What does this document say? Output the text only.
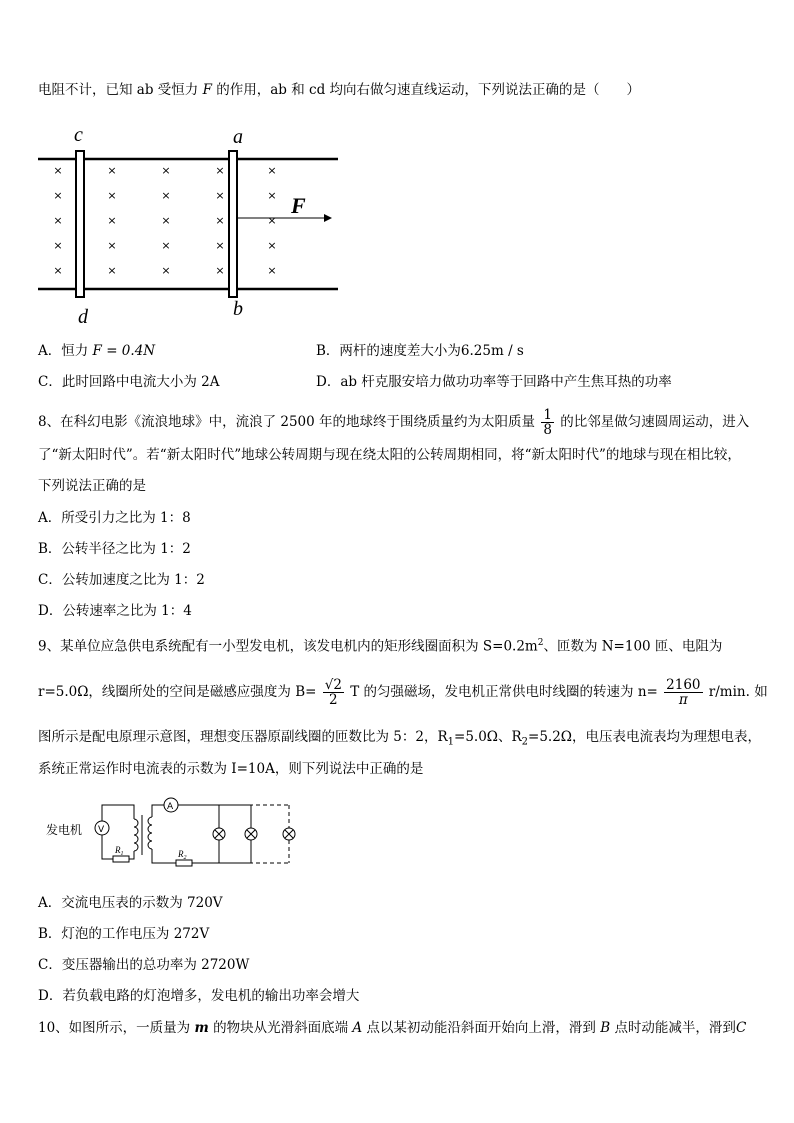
电阻不计，已知 ab 受恒力 F 的作用，ab 和 cd 均向右做匀速直线运动，下列说法正确的是（　　）
×
×
×
×
×
×
×
×
×
×
×
×
×
×
×
×
×
×
×
×
×
×
×
×
×
c	a
d	b
F
A．恒力 F = 0.4N	B．两杆的速度差大小为6.25m / s
C．此时回路中电流大小为 2A	D．ab 杆克服安培力做功功率等于回路中产生焦耳热的功率
8、在科幻电影《流浪地球》中，流浪了 2500 年的地球终于围绕质量约为太阳质量 $\frac{1}{8}$ 的比邻星做匀速圆周运动，进入
了“新太阳时代”。若“新太阳时代”地球公转周期与现在绕太阳的公转周期相同，将“新太阳时代”的地球与现在相比较，
下列说法正确的是
A．所受引力之比为 1：8
B．公转半径之比为 1：2
C．公转加速度之比为 1：2
D．公转速率之比为 1：4
9、某单位应急供电系统配有一小型发电机，该发电机内的矩形线圈面积为 $S=0.2m^2$、匝数为 N=100 匝、电阻为
r=5.0Ω，线圈所处的空间是磁感应强度为 $B= \frac{√2}{2}$ T 的匀强磁场，发电机正常供电时线圈的转速为 $n= \frac{2160}{\pi} r/\min$. 如
图所示是配电原理示意图，理想变压器原副线圈的匝数比为 5：2，$R_1=5.0\Omega$、$R_2=5.2\Omega$，电压表电流表均为理想电表，
系统正常运作时电流表的示数为 I=10A，则下列说法中正确的是
发电机 V
$R_1$
A
$R_2$
A．交流电压表的示数为 720V
B．灯泡的工作电压为 272V
C．变压器输出的总功率为 2720W
D．若负载电路的灯泡增多，发电机的输出功率会增大
10、如图所示，一质量为 m 的物块从光滑斜面底端 A 点以某初动能沿斜面开始向上滑，滑到 B 点时动能减半，滑到C
